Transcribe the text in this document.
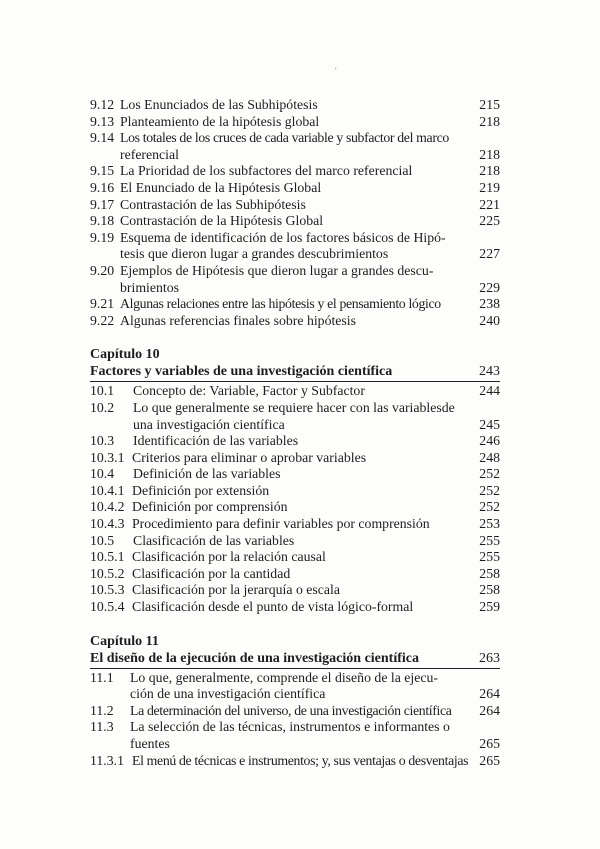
'
9.12 Los Enunciados de las Subhipótesis	215
9.13 Planteamiento de la hipótesis global	218
9.14 Los totales de los cruces de cada variable y subfactor del marco
referencial	218
9.15 La Prioridad de los subfactores del marco referencial	218
9.16 El Enunciado de la Hipótesis Global	219
9.17 Contrastación de las Subhipótesis	221
9.18 Contrastación de la Hipótesis Global	225
9.19 Esquema de identificación de los factores básicos de Hipó-
tesis que dieron lugar a grandes descubrimientos	227
9.20 Ejemplos de Hipótesis que dieron lugar a grandes descu-
brimientos	229
9.21 Algunas relaciones entre las hipótesis y el pensamiento lógico	238
9.22 Algunas referencias finales sobre hipótesis	240
Capítulo 10
Factores y variables de una investigación científica	243
10.1	Concepto de: Variable, Factor y Subfactor	244
10.2	Lo que generalmente se requiere hacer con las variablesde
una investigación científica	245
10.3	Identificación de las variables	246
10.3.1 Criterios para eliminar o aprobar variables	248
10.4	Definición de las variables	252
10.4.1 Definición por extensión	252
10.4.2 Definición por comprensión	252
10.4.3 Procedimiento para definir variables por comprensión	253
10.5	Clasificación de las variables	255
10.5.1 Clasificación por la relación causal	255
10.5.2 Clasificación por la cantidad	258
10.5.3 Clasificación por la jerarquía o escala	258
10.5.4 Clasificación desde el punto de vista lógico-formal	259
Capítulo 11
El diseño de la ejecución de una investigación científica	263
11.1	Lo que, generalmente, comprende el diseño de la ejecu-
ción de una investigación científica	264
11.2	La determinación del universo, de una investigación científica	264
11.3	La selección de las técnicas, instrumentos e informantes o
fuentes	265
11.3.1 El menú de técnicas e instrumentos; y, sus ventajas o desventajas 265
